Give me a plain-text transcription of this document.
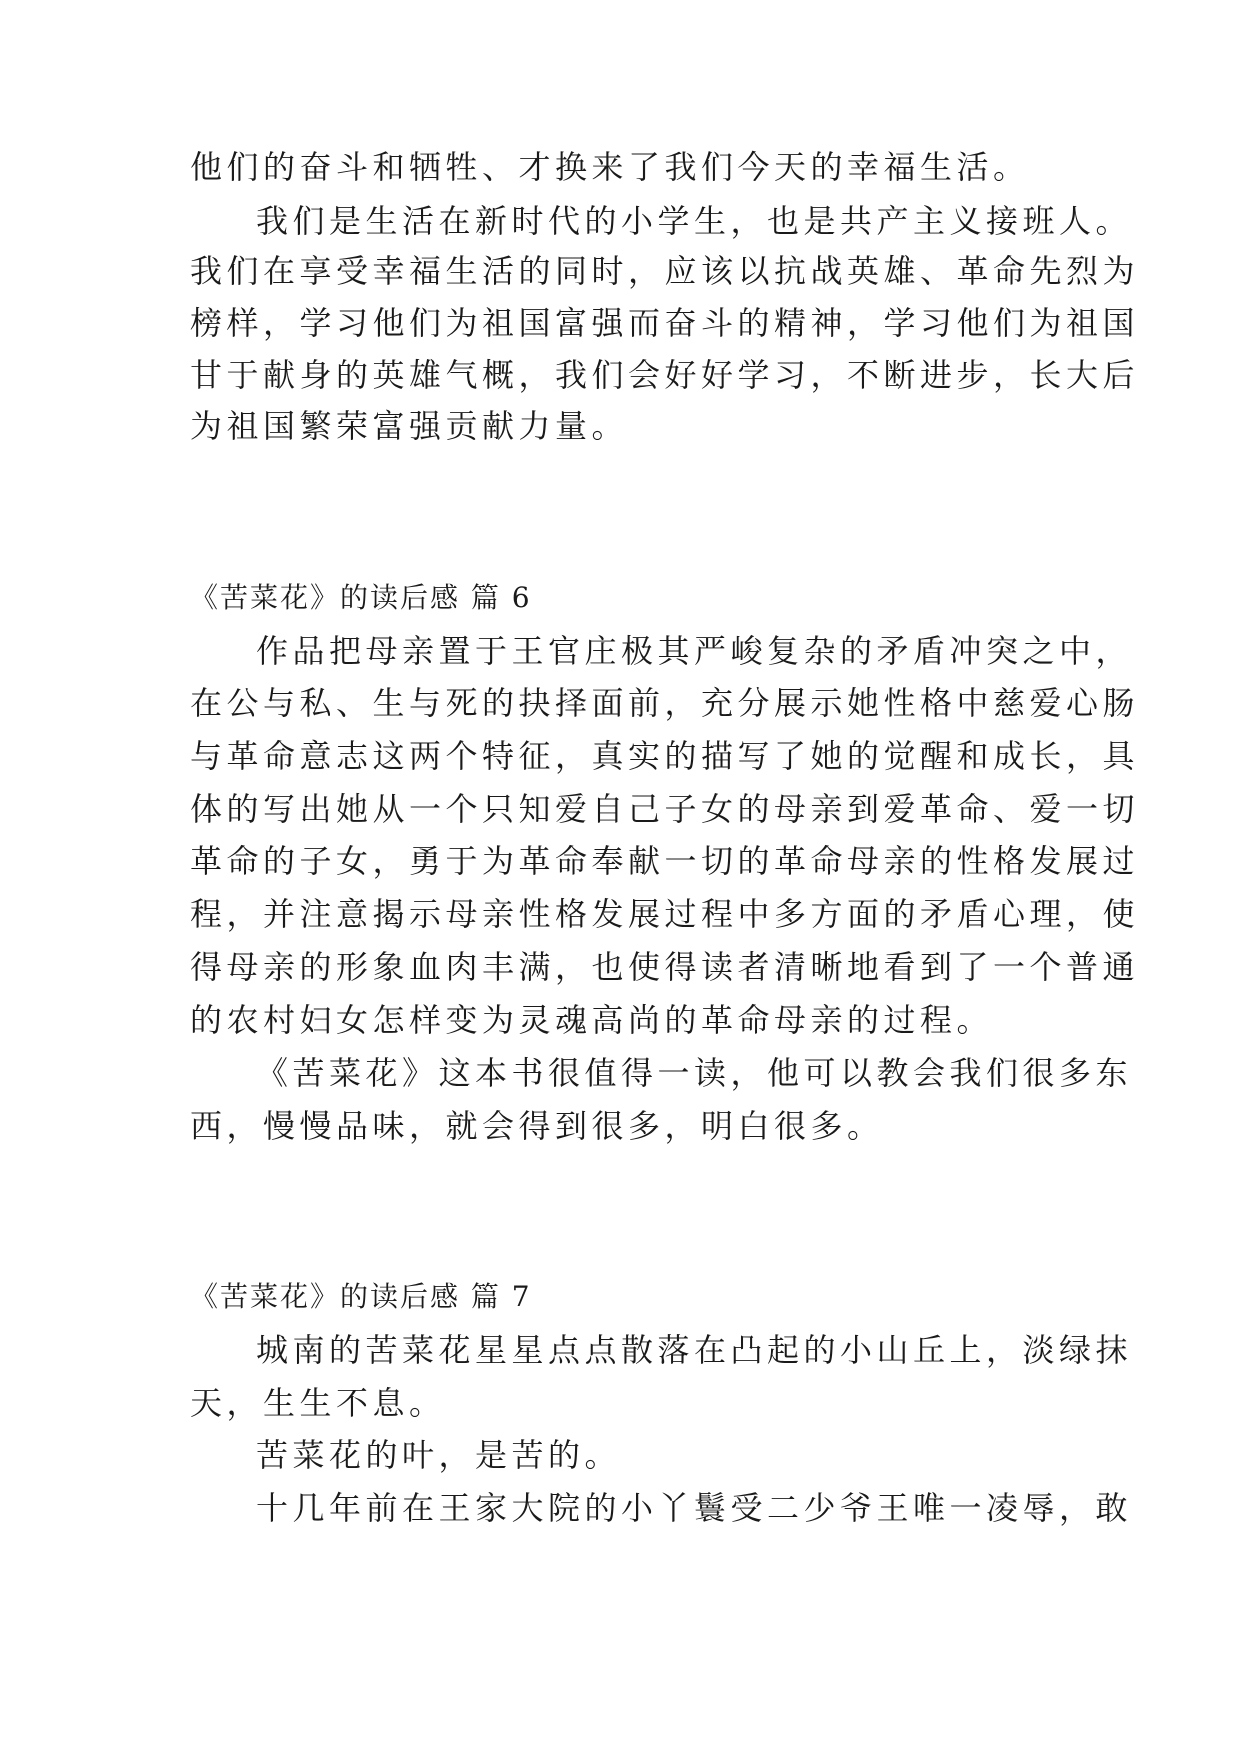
他们的奋斗和牺牲、才换来了我们今天的幸福生活。
我们是生活在新时代的小学生，也是共产主义接班人。
我们在享受幸福生活的同时，应该以抗战英雄、革命先烈为
榜样，学习他们为祖国富强而奋斗的精神，学习他们为祖国
甘于献身的英雄气概，我们会好好学习，不断进步，长大后
为祖国繁荣富强贡献力量。
《苦菜花》的读后感 篇 6
作品把母亲置于王官庄极其严峻复杂的矛盾冲突之中，
在公与私、生与死的抉择面前，充分展示她性格中慈爱心肠
与革命意志这两个特征，真实的描写了她的觉醒和成长，具
体的写出她从一个只知爱自己子女的母亲到爱革命、爱一切
革命的子女，勇于为革命奉献一切的革命母亲的性格发展过
程，并注意揭示母亲性格发展过程中多方面的矛盾心理，使
得母亲的形象血肉丰满，也使得读者清晰地看到了一个普通
的农村妇女怎样变为灵魂高尚的革命母亲的过程。
《苦菜花》这本书很值得一读，他可以教会我们很多东
西，慢慢品味，就会得到很多，明白很多。
《苦菜花》的读后感 篇 7
城南的苦菜花星星点点散落在凸起的小山丘上，淡绿抹
天，生生不息。
苦菜花的叶，是苦的。
十几年前在王家大院的小丫鬟受二少爷王唯一凌辱，敢
